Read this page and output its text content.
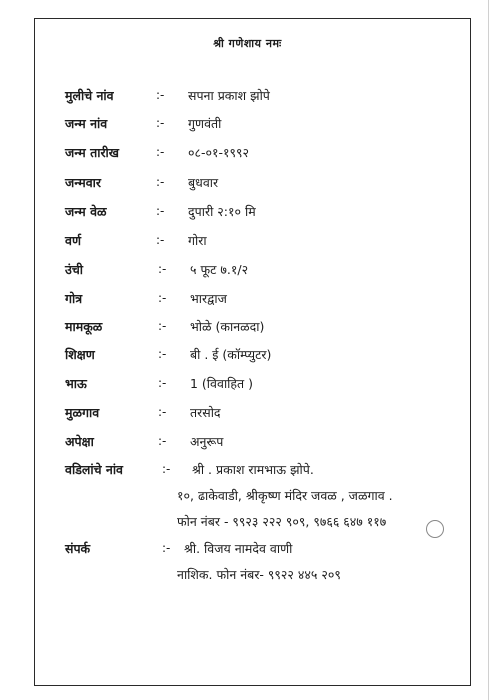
श्री गणेशाय नमः
मुलीचे नांव	:- सपना प्रकाश झोपे
जन्म नांव	:- गुणवंती
जन्म तारीख	:- ०८-०१-१९९२
जन्मवार	:- बुधवार
जन्म वेळ	:- दुपारी २:१० मि
वर्ण	:- गोरा
उंची	:- ५ फूट ७.१/२
गोत्र	:- भारद्वाज
मामकूळ	:- भोळे (कानळदा)
शिक्षण	:- बी . ई (कॉम्प्युटर)
भाऊ	:- 1 (विवाहित )
मुळगाव	:- तरसोद
अपेक्षा	:- अनुरूप
वडिलांचे नांव	:- श्री . प्रकाश रामभाऊ झोपे.
१०, ढाकेवाडी, श्रीकृष्ण मंदिर जवळ , जळगाव .
फोन नंबर - ९९२३ २२२ ९०९, ९७६६ ६४७ ११७
संपर्क	:- श्री. विजय नामदेव वाणी
नाशिक. फोन नंबर- ९९२२ ४४५ २०९
